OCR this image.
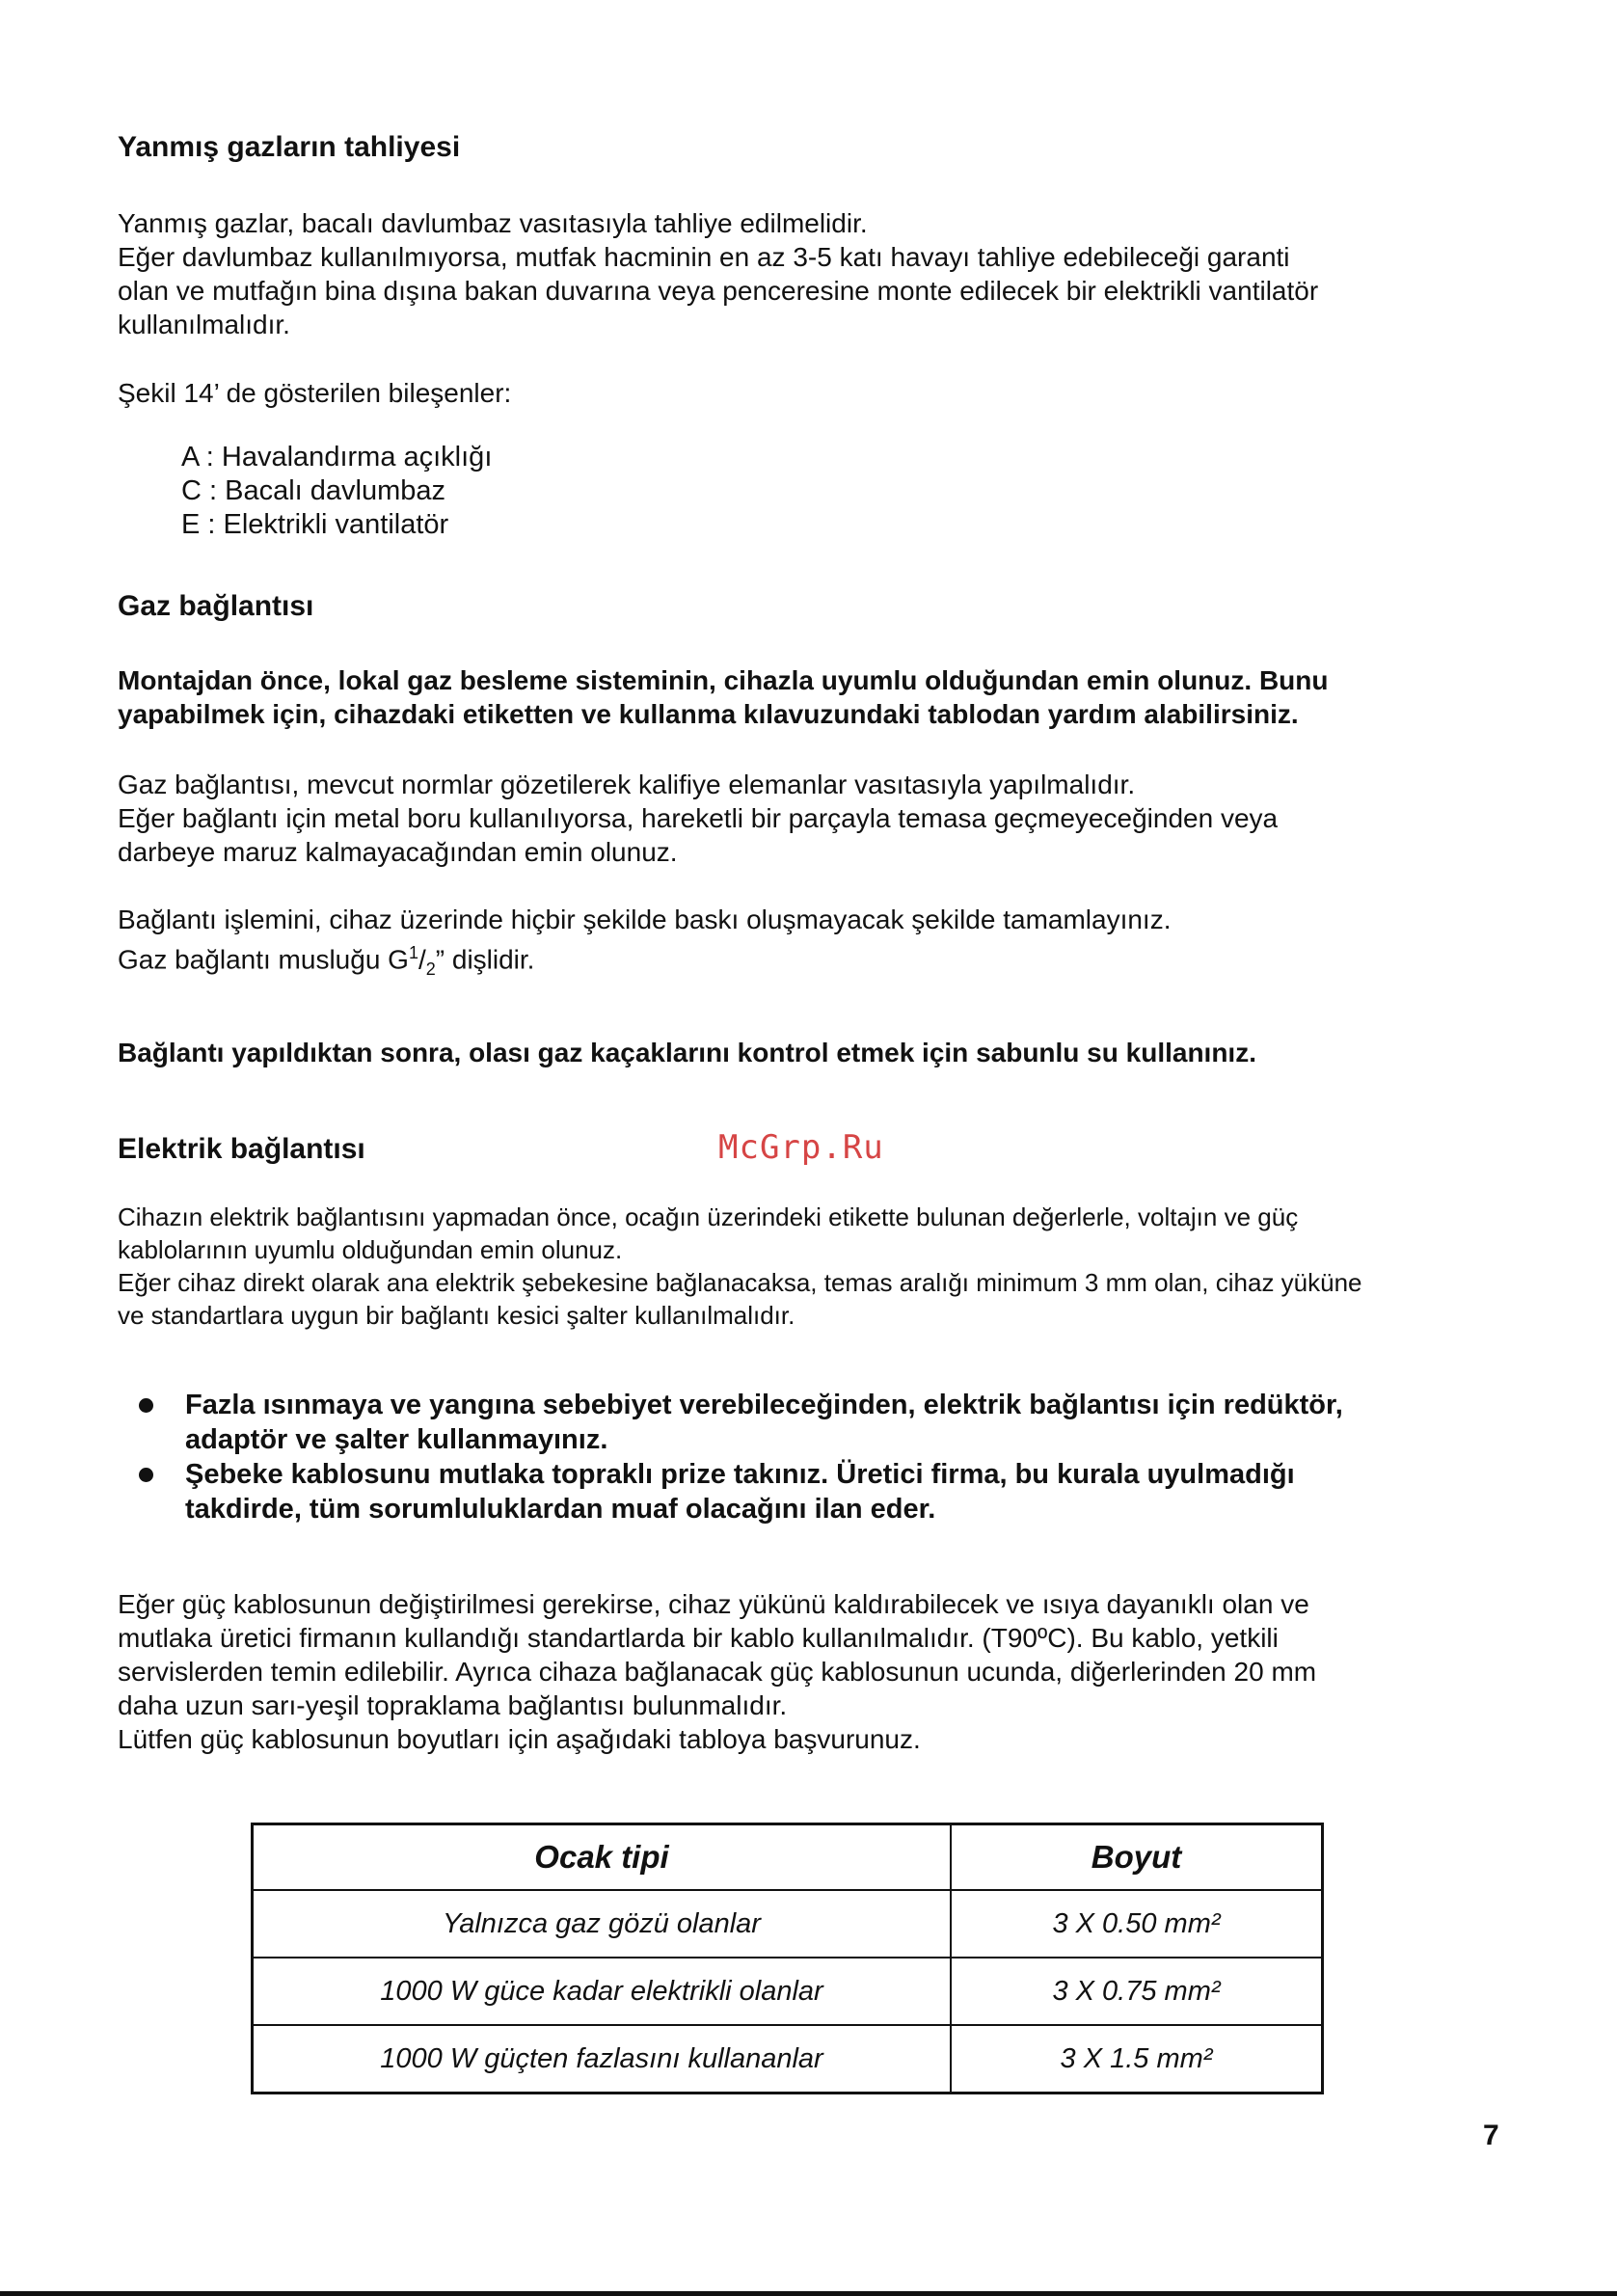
Yanmış gazların tahliyesi

Yanmış gazlar, bacalı davlumbaz vasıtasıyla tahliye edilmelidir.
Eğer davlumbaz kullanılmıyorsa, mutfak hacminin en az 3-5 katı havayı tahliye edebileceği garanti
olan ve mutfağın bina dışına bakan duvarına veya penceresine monte edilecek bir elektrikli vantilatör
kullanılmalıdır.

Şekil 14’ de gösterilen bileşenler:

A : Havalandırma açıklığı
C : Bacalı davlumbaz
E : Elektrikli vantilatör
Gaz bağlantısı

Montajdan önce, lokal gaz besleme sisteminin, cihazla uyumlu olduğundan emin olunuz. Bunu
yapabilmek için, cihazdaki etiketten ve kullanma kılavuzundaki tablodan yardım alabilirsiniz.

Gaz bağlantısı, mevcut normlar gözetilerek kalifiye elemanlar vasıtasıyla yapılmalıdır.
Eğer bağlantı için metal boru kullanılıyorsa, hareketli bir parçayla temasa geçmeyeceğinden veya
darbeye maruz kalmayacağından emin olunuz.

Bağlantı işlemini, cihaz üzerinde hiçbir şekilde baskı oluşmayacak şekilde tamamlayınız.
Gaz bağlantı musluğu $G^1/_2$” dişlidir.

Bağlantı yapıldıktan sonra, olası gaz kaçaklarını kontrol etmek için sabunlu su kullanınız.

Elektrik bağlantısı	McGrp.Ru

Cihazın elektrik bağlantısını yapmadan önce, ocağın üzerindeki etikette bulunan değerlerle, voltajın ve güç
kablolarının uyumlu olduğundan emin olunuz.
Eğer cihaz direkt olarak ana elektrik şebekesine bağlanacaksa, temas aralığı minimum 3 mm olan, cihaz yüküne
ve standartlara uygun bir bağlantı kesici şalter kullanılmalıdır.

Fazla ısınmaya ve yangına sebebiyet verebileceğinden, elektrik bağlantısı için redüktör,
adaptör ve şalter kullanmayınız.
Şebeke kablosunu mutlaka topraklı prize takınız. Üretici firma, bu kurala uyulmadığı
takdirde, tüm sorumluluklardan muaf olacağını ilan eder.

Eğer güç kablosunun değiştirilmesi gerekirse, cihaz yükünü kaldırabilecek ve ısıya dayanıklı olan ve
mutlaka üretici firmanın kullandığı standartlarda bir kablo kullanılmalıdır. (T90ºC). Bu kablo, yetkili
servislerden temin edilebilir. Ayrıca cihaza bağlanacak güç kablosunun ucunda, diğerlerinden 20 mm
daha uzun sarı-yeşil topraklama bağlantısı bulunmalıdır.
Lütfen güç kablosunun boyutları için aşağıdaki tabloya başvurunuz.

Ocak tipi	Boyut
Yalnızca gaz gözü olanlar	3 X 0.50 mm²
1000 W güce kadar elektrikli olanlar	3 X 0.75 mm²
1000 W güçten fazlasını kullananlar	3 X 1.5 mm²
7
